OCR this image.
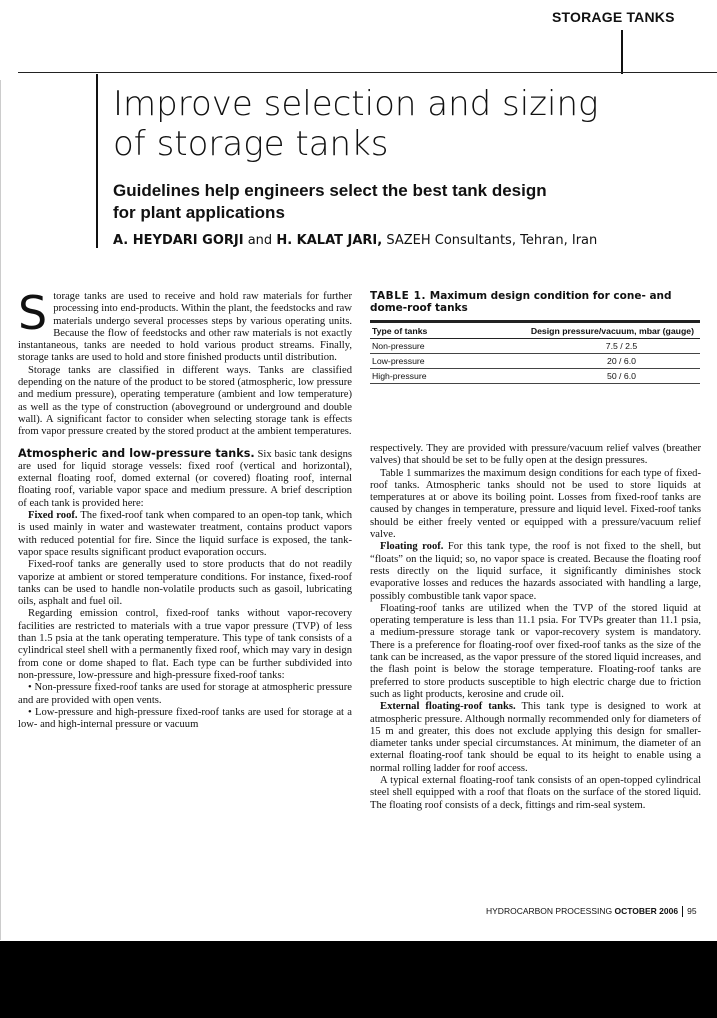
STORAGE TANKS
Improve selection and sizing
of storage tanks
Guidelines help engineers select the best tank design
for plant applications
A. HEYDARI GORJI and H. KALAT JARI, SAZEH Consultants, Tehran, Iran

Storage tanks are used to receive and hold raw materials for further processing into end-products. Within the plant, the feedstocks and raw materials undergo several processes steps by various operating units. Because the flow of feedstocks and other raw materials is not exactly instantaneous, tanks are needed to hold various product streams. Finally, storage tanks are used to hold and store finished products until distribution.

Storage tanks are classified in different ways. Tanks are classified depending on the nature of the product to be stored (atmospheric, low pressure and medium pressure), operating temperature (ambient and low temperature) as well as the type of construction (aboveground or underground and double wall). A significant factor to consider when selecting storage tank is effects from vapor pressure created by the stored product at the ambient temperatures.

Atmospheric and low-pressure tanks. Six basic tank designs are used for liquid storage vessels: fixed roof (vertical and horizontal), external floating roof, domed external (or covered) floating roof, internal floating roof, variable vapor space and medium pressure. A brief description of each tank is provided here:

Fixed roof. The fixed-roof tank when compared to an open-top tank, which is used mainly in water and wastewater treatment, contains product vapors with reduced potential for fire. Since the liquid surface is exposed, the tank-vapor space results significant product evaporation occurs.

Fixed-roof tanks are generally used to store products that do not readily vaporize at ambient or stored temperature conditions. For instance, fixed-roof tanks can be used to handle non-volatile products such as gasoil, lubricating oils, asphalt and fuel oil.

Regarding emission control, fixed-roof tanks without vapor-recovery facilities are restricted to materials with a true vapor pressure (TVP) of less than 1.5 psia at the tank operating temperature. This type of tank consists of a cylindrical steel shell with a permanently fixed roof, which may vary in design from cone or dome shaped to flat. Each type can be further subdivided into non-pressure, low-pressure and high-pressure fixed-roof tanks:

• Non-pressure fixed-roof tanks are used for storage at atmospheric pressure and are provided with open vents.

• Low-pressure and high-pressure fixed-roof tanks are used for storage at a low- and high-internal pressure or vacuum

TABLE 1. Maximum design condition for cone- and dome-roof tanks
Type of tanks	Design pressure/vacuum, mbar (gauge)
Non-pressure	7.5 / 2.5
Low-pressure	20 / 6.0
High-pressure	50 / 6.0

respectively. They are provided with pressure/vacuum relief valves (breather valves) that should be set to be fully open at the design pressures.

Table 1 summarizes the maximum design conditions for each type of fixed-roof tanks. Atmospheric tanks should not be used to store liquids at temperatures at or above its boiling point. Losses from fixed-roof tanks are caused by changes in temperature, pressure and liquid level. Fixed-roof tanks should be either freely vented or equipped with a pressure/vacuum relief valve.

Floating roof. For this tank type, the roof is not fixed to the shell, but “floats” on the liquid; so, no vapor space is created. Because the floating roof rests directly on the liquid surface, it significantly diminishes stock evaporative losses and reduces the hazards associated with handling a large, possibly combustible tank vapor space.

Floating-roof tanks are utilized when the TVP of the stored liquid at operating temperature is less than 11.1 psia. For TVPs greater than 11.1 psia, a medium-pressure storage tank or vapor-recovery system is mandatory. There is a preference for floating-roof over fixed-roof tanks as the size of the tank can be increased, as the vapor pressure of the stored liquid increases, and the flash point is below the storage temperature. Floating-roof tanks are preferred to store products susceptible to high electric charge due to friction such as light products, kerosine and crude oil.

External floating-roof tanks. This tank type is designed to work at atmospheric pressure. Although normally recommended only for diameters of 15 m and greater, this does not exclude applying this design for smaller-diameter tanks under special circumstances. At minimum, the diameter of an external floating-roof tank should be equal to its height to enable using a normal rolling ladder for roof access.

A typical external floating-roof tank consists of an open-topped cylindrical steel shell equipped with a roof that floats on the surface of the stored liquid. The floating roof consists of a deck, fittings and rim-seal system.

HYDROCARBON PROCESSING OCTOBER 2006 95
